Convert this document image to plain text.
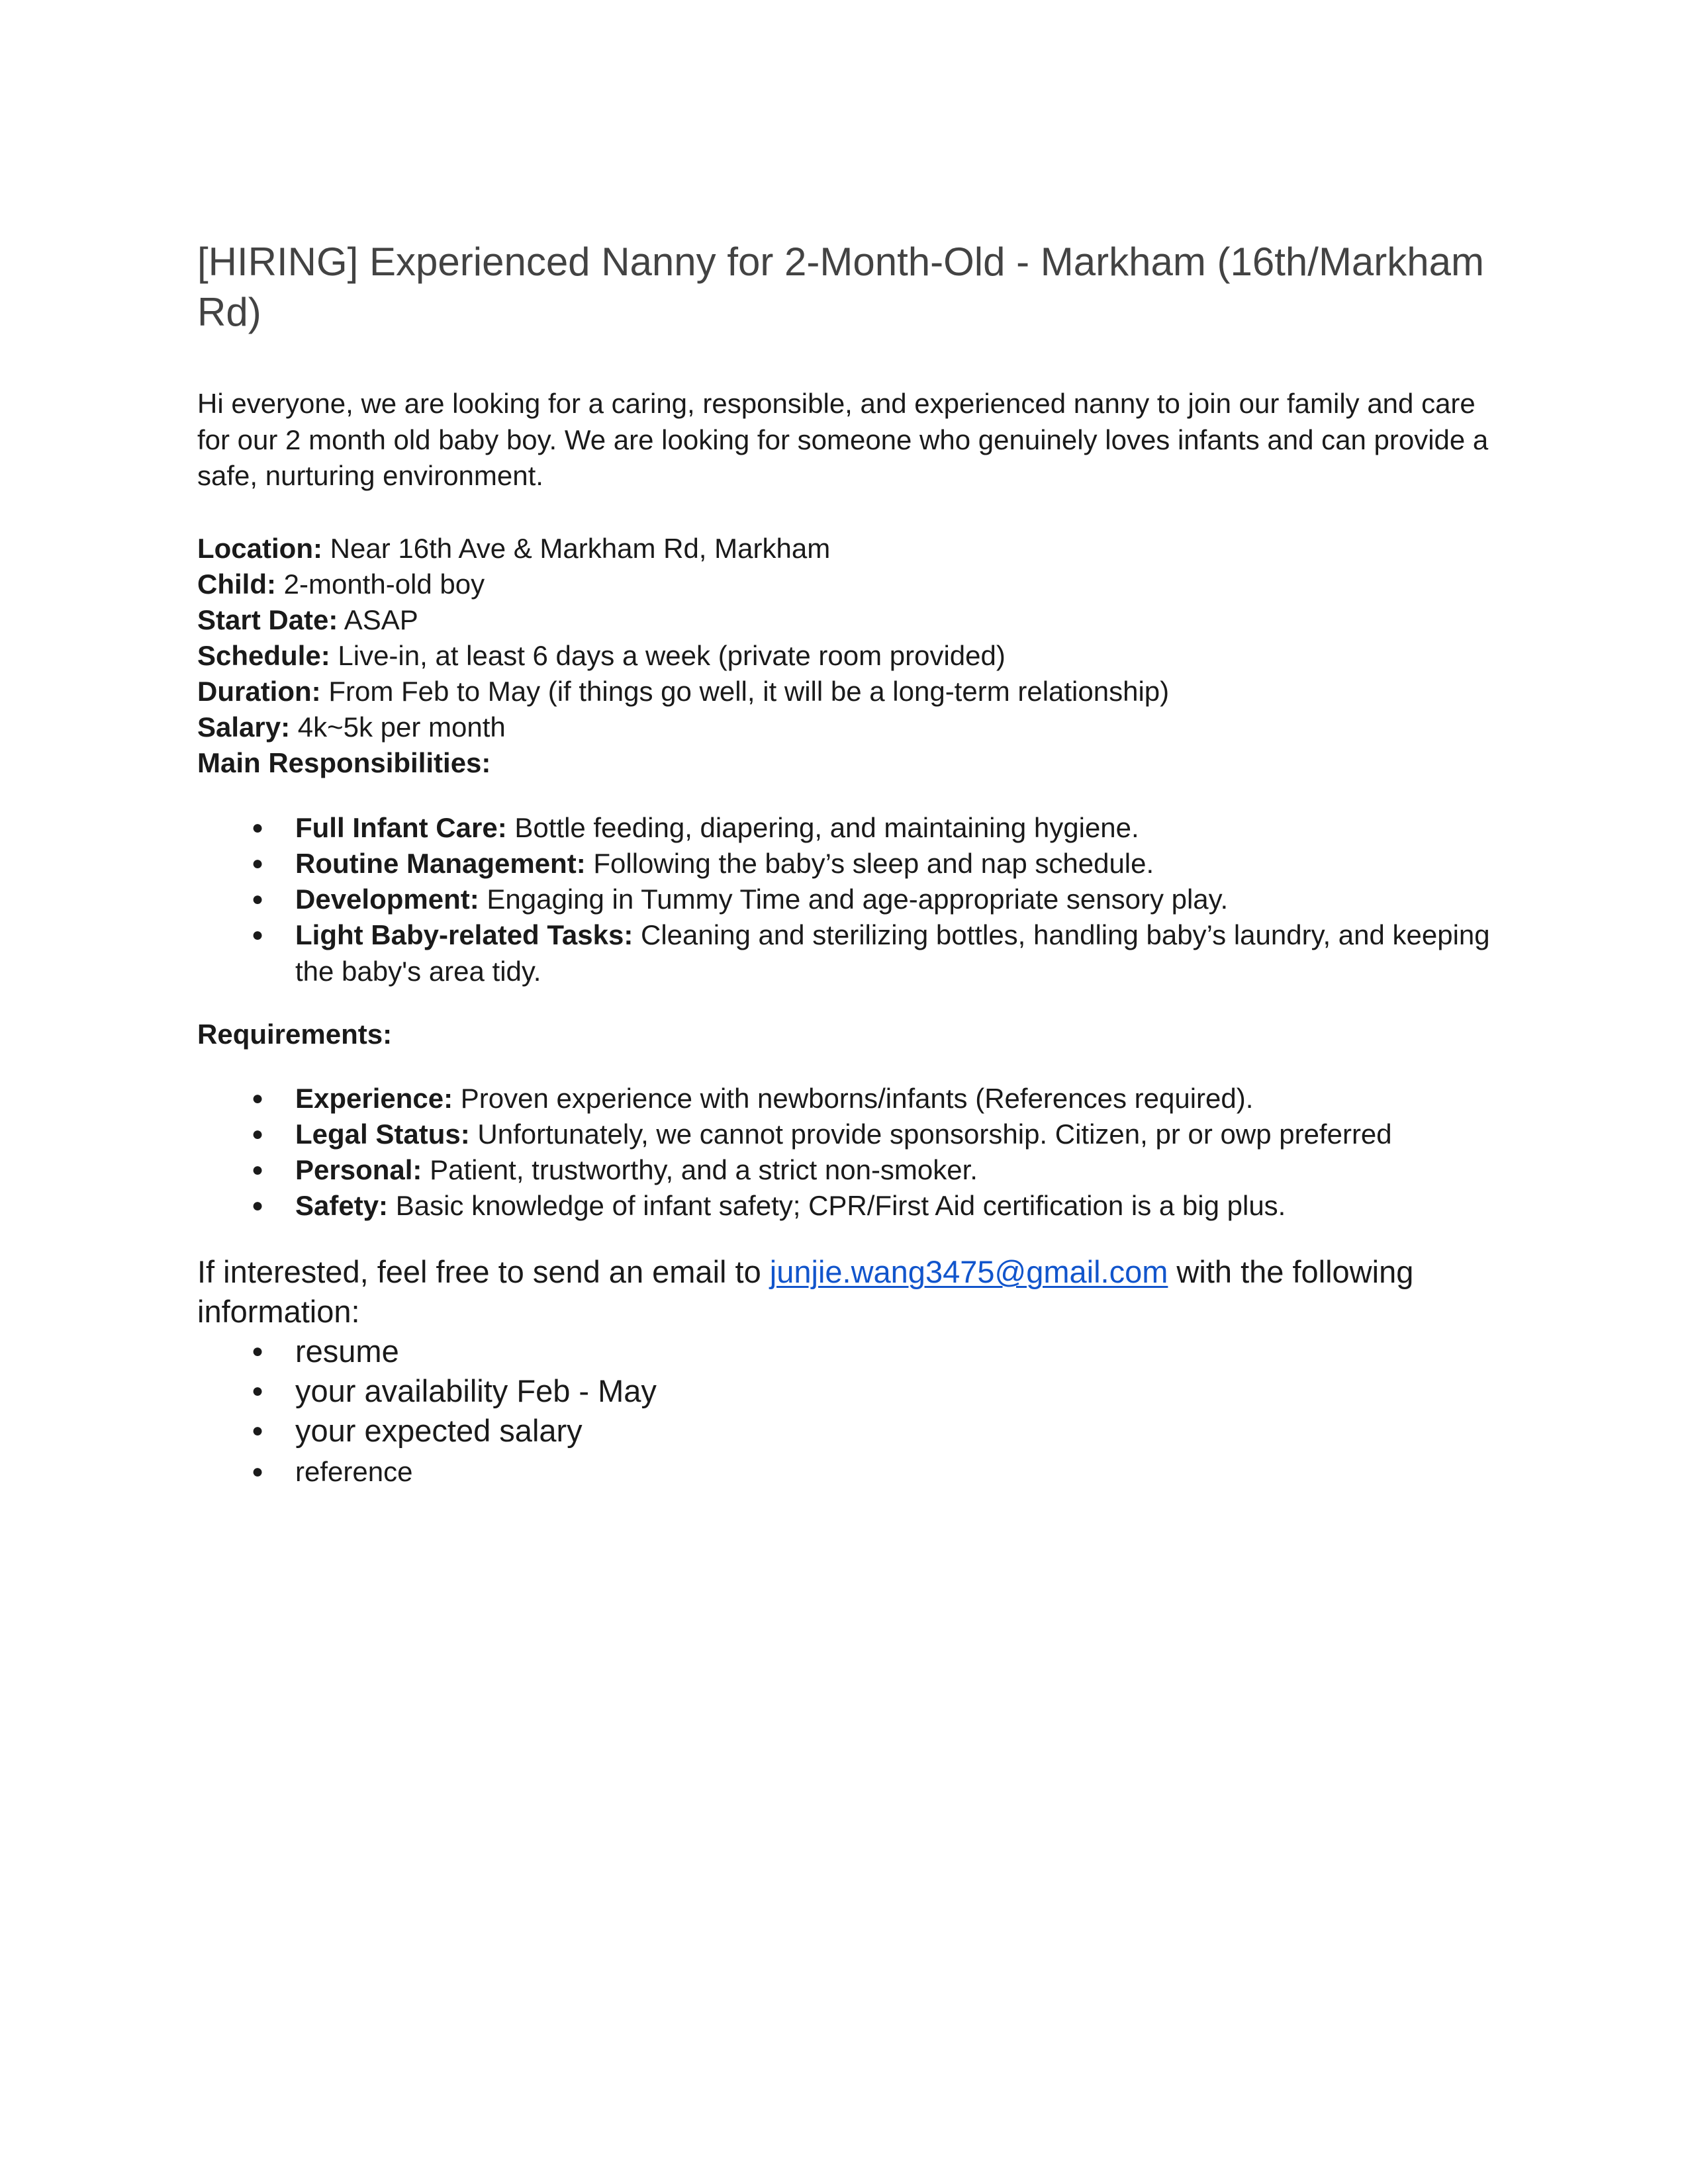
[HIRING] Experienced Nanny for 2-Month-Old - Markham (16th/Markham Rd)

Hi everyone, we are looking for a caring, responsible, and experienced nanny to join our family and care for our 2 month old baby boy. We are looking for someone who genuinely loves infants and can provide a safe, nurturing environment.

Location: Near 16th Ave & Markham Rd, Markham
Child: 2-month-old boy
Start Date: ASAP
Schedule: Live-in, at least 6 days a week (private room provided)
Duration: From Feb to May (if things go well, it will be a long-term relationship)
Salary: 4k~5k per month
Main Responsibilities:
● Full Infant Care: Bottle feeding, diapering, and maintaining hygiene.
● Routine Management: Following the baby’s sleep and nap schedule.
● Development: Engaging in Tummy Time and age-appropriate sensory play.
● Light Baby-related Tasks: Cleaning and sterilizing bottles, handling baby’s laundry, and keeping the baby's area tidy.
Requirements:
● Experience: Proven experience with newborns/infants (References required).
● Legal Status: Unfortunately, we cannot provide sponsorship. Citizen, pr or owp preferred
● Personal: Patient, trustworthy, and a strict non-smoker.
● Safety: Basic knowledge of infant safety; CPR/First Aid certification is a big plus.

If interested, feel free to send an email to junjie.wang3475@gmail.com with the following information:

● resume
● your availability Feb - May
● your expected salary
● reference
